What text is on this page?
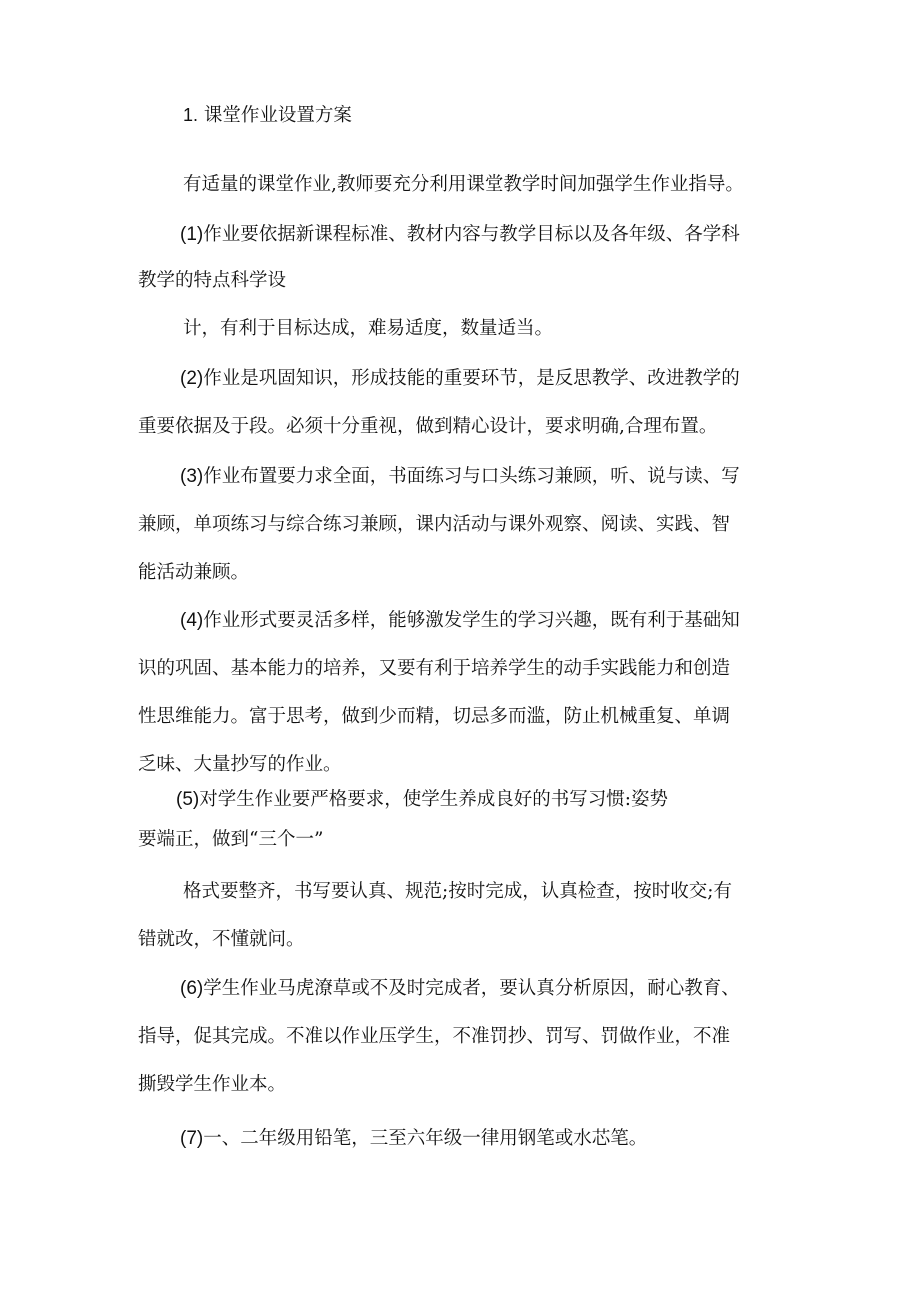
1. 课堂作业设置方案
有适量的课堂作业,教师要充分利用课堂教学时间加强学生作业指导。
(1)作业要依据新课程标准、教材内容与教学目标以及各年级、各学科
教学的特点科学设
计，有利于目标达成，难易适度，数量适当。
(2)作业是巩固知识，形成技能的重要环节，是反思教学、改进教学的
重要依据及于段。必须十分重视，做到精心设计，要求明确,合理布置。
(3)作业布置要力求全面，书面练习与口头练习兼顾，听、说与读、写
兼顾，单项练习与综合练习兼顾，课内活动与课外观察、阅读、实践、智
能活动兼顾。
(4)作业形式要灵活多样，能够激发学生的学习兴趣，既有利于基础知
识的巩固、基本能力的培养，又要有利于培养学生的动手实践能力和创造
性思维能力。富于思考，做到少而精，切忌多而滥，防止机械重复、单调
乏味、大量抄写的作业。
(5)对学生作业要严格要求，使学生养成良好的书写习惯:姿势
要端正，做到“三个一”
格式要整齐，书写要认真、规范;按时完成，认真检查，按时收交;有
错就改，不懂就问。
(6)学生作业马虎潦草或不及时完成者，要认真分析原因，耐心教育、
指导，促其完成。不准以作业压学生，不准罚抄、罚写、罚做作业，不准
撕毁学生作业本。
(7)一、二年级用铅笔，三至六年级一律用钢笔或水芯笔。
